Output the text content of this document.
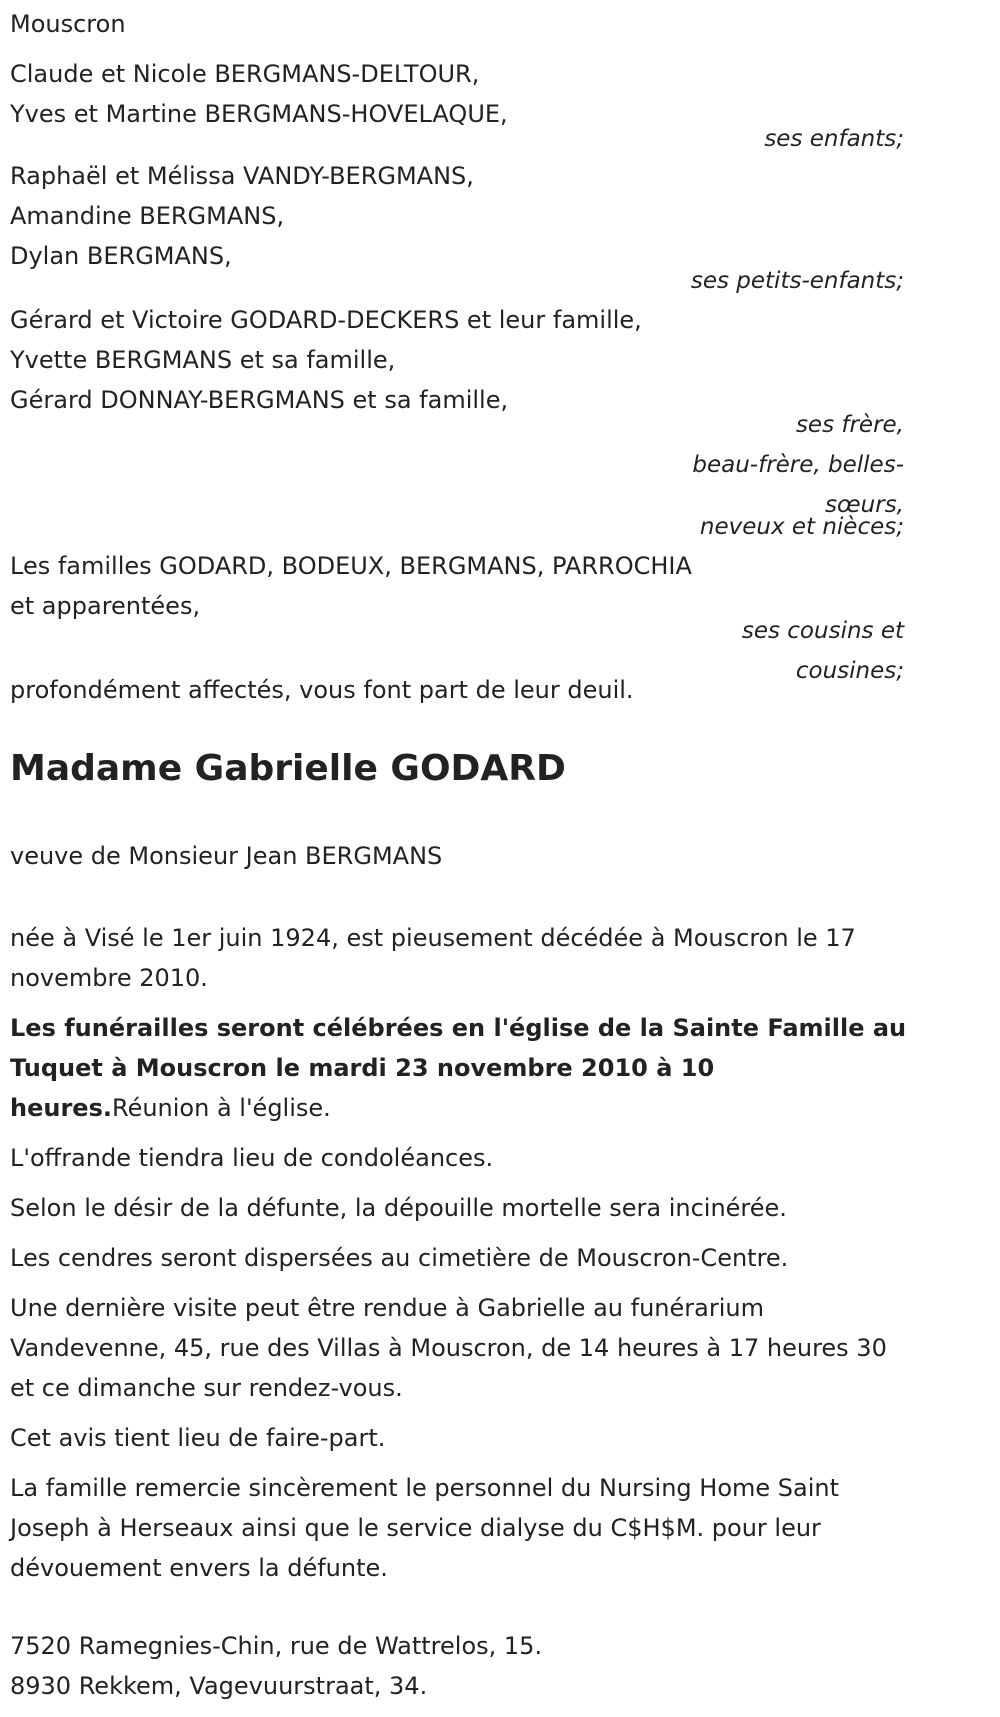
Mouscron
Claude et Nicole BERGMANS-DELTOUR,
Yves et Martine BERGMANS-HOVELAQUE,
ses enfants;
Raphaël et Mélissa VANDY-BERGMANS,
Amandine BERGMANS,
Dylan BERGMANS,
ses petits-enfants;
Gérard et Victoire GODARD-DECKERS et leur famille,
Yvette BERGMANS et sa famille,
Gérard DONNAY-BERGMANS et sa famille,
ses frère,
beau-frère, belles-
sœurs,
neveux et nièces;
Les familles GODARD, BODEUX, BERGMANS, PARROCHIA
et apparentées,
ses cousins et
cousines;
profondément affectés, vous font part de leur deuil.
Madame Gabrielle GODARD
veuve de Monsieur Jean BERGMANS
née à Visé le 1er juin 1924, est pieusement décédée à Mouscron le 17 novembre 2010.
Les funérailles seront célébrées en l'église de la Sainte Famille au Tuquet à Mouscron le mardi 23 novembre 2010 à 10 heures.Réunion à l'église.
L'offrande tiendra lieu de condoléances.
Selon le désir de la défunte, la dépouille mortelle sera incinérée.
Les cendres seront dispersées au cimetière de Mouscron-Centre.
Une dernière visite peut être rendue à Gabrielle au funérarium Vandevenne, 45, rue des Villas à Mouscron, de 14 heures à 17 heures 30 et ce dimanche sur rendez-vous.
Cet avis tient lieu de faire-part.
La famille remercie sincèrement le personnel du Nursing Home Saint Joseph à Herseaux ainsi que le service dialyse du C$H$M. pour leur dévouement envers la défunte.
7520 Ramegnies-Chin, rue de Wattrelos, 15.
8930 Rekkem, Vagevuurstraat, 34.
